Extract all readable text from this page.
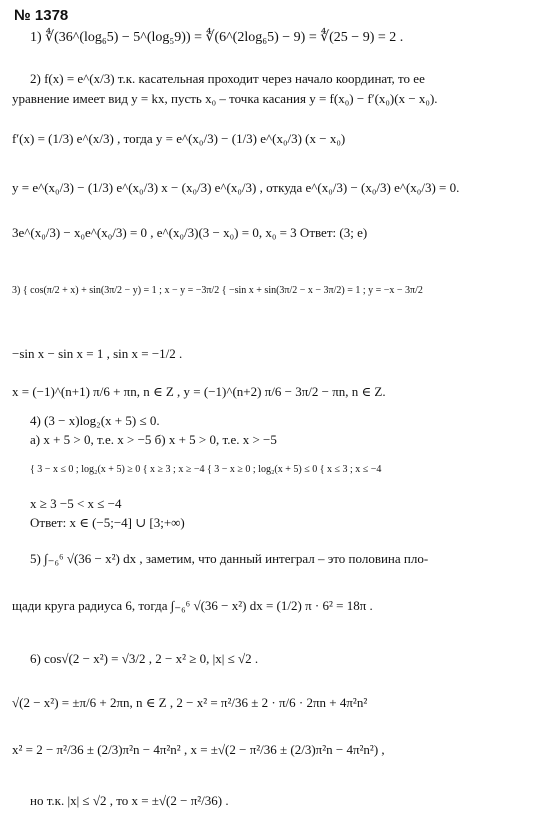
№ 1378
1) ∜(36^(log₆5) − 5^(log₅9)) = ∜(6^(2log₆5) − 9) = ∜(25 − 9) = 2 .
2) f(x) = e^(x/3) т.к. касательная проходит через начало координат, то ее
уравнение имеет вид y = kx, пусть x₀ – точка касания y = f(x₀) − f′(x₀)(x − x₀).
f′(x) = (1/3) e^(x/3) , тогда y = e^(x₀/3) − (1/3) e^(x₀/3) (x − x₀)
y = e^(x₀/3) − (1/3) e^(x₀/3) x − (x₀/3) e^(x₀/3) , откуда e^(x₀/3) − (x₀/3) e^(x₀/3) = 0.
3e^(x₀/3) − x₀e^(x₀/3) = 0 , e^(x₀/3)(3 − x₀) = 0, x₀ = 3 Ответ: (3; e)
3) { cos(π/2 + x) + sin(3π/2 − y) = 1 ; x − y = −3π/2 { −sin x + sin(3π/2 − x − 3π/2) = 1 ; y = −x − 3π/2
−sin x − sin x = 1 , sin x = −1/2 .
x = (−1)^(n+1) π/6 + πn, n ∈ Z , y = (−1)^(n+2) π/6 − 3π/2 − πn, n ∈ Z.
4) (3 − x)log₂(x + 5) ≤ 0.
а) x + 5 > 0, т.е. x > −5 б) x + 5 > 0, т.е. x > −5
{ 3 − x ≤ 0 ; log₂(x + 5) ≥ 0 { x ≥ 3 ; x ≥ −4 { 3 − x ≥ 0 ; log₂(x + 5) ≤ 0 { x ≤ 3 ; x ≤ −4
x ≥ 3 −5 < x ≤ −4
Ответ: x ∈ (−5;−4] ∪ [3;+∞)
5) ∫₋₆⁶ √(36 − x²) dx , заметим, что данный интеграл – это половина пло-
щади круга радиуса 6, тогда ∫₋₆⁶ √(36 − x²) dx = (1/2) π · 6² = 18π .
6) cos√(2 − x²) = √3/2 , 2 − x² ≥ 0, |x| ≤ √2 .
√(2 − x²) = ±π/6 + 2πn, n ∈ Z , 2 − x² = π²/36 ± 2 · π/6 · 2πn + 4π²n²
x² = 2 − π²/36 ± (2/3)π²n − 4π²n² , x = ±√(2 − π²/36 ± (2/3)π²n − 4π²n²) ,
но т.к. |x| ≤ √2 , то x = ±√(2 − π²/36) .
